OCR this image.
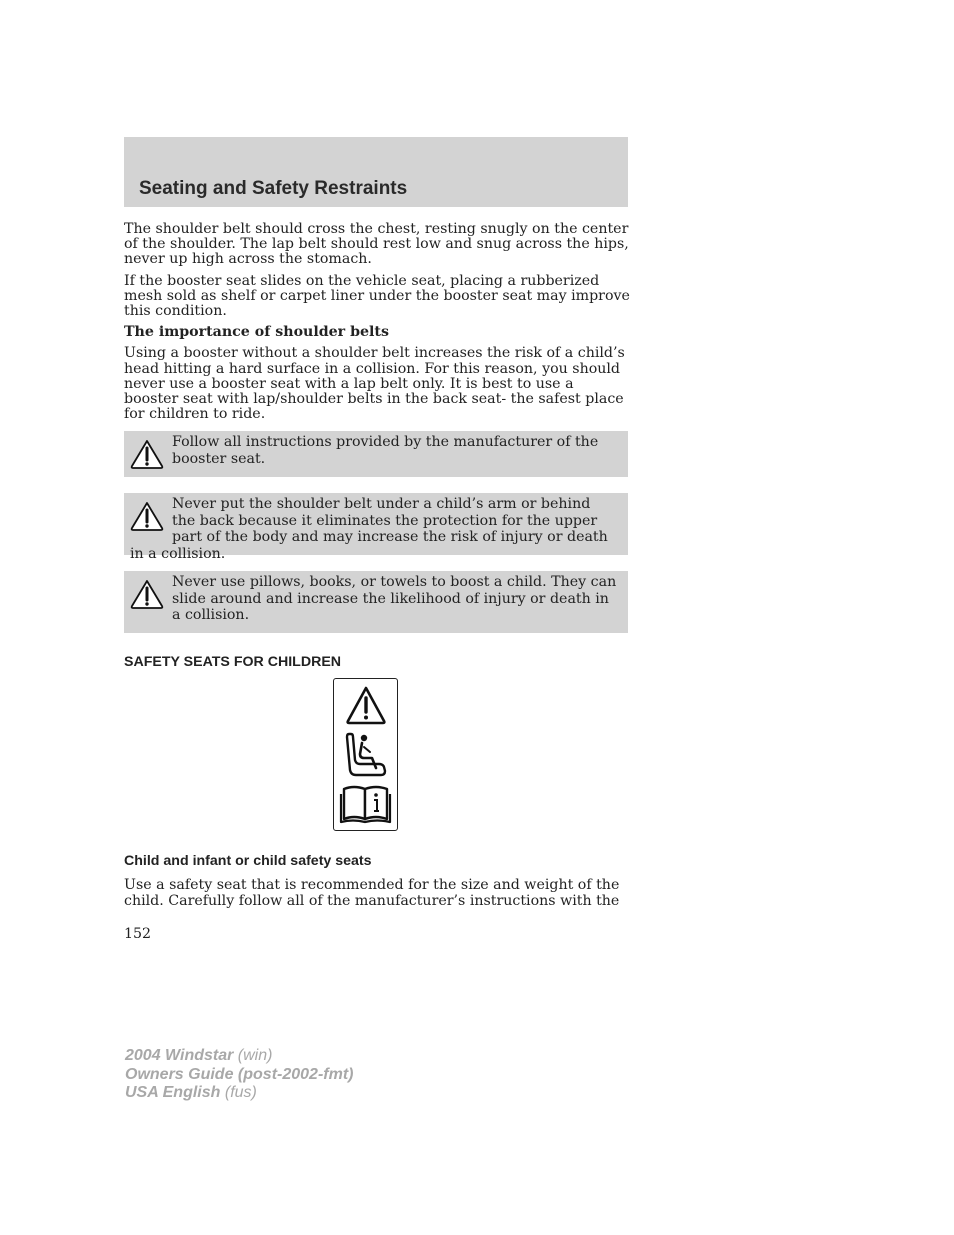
Seating and Safety Restraints

The shoulder belt should cross the chest, resting snugly on the center of the shoulder. The lap belt should rest low and snug across the hips, never up high across the stomach.

If the booster seat slides on the vehicle seat, placing a rubberized mesh sold as shelf or carpet liner under the booster seat may improve this condition.

The importance of shoulder belts

Using a booster without a shoulder belt increases the risk of a child’s head hitting a hard surface in a collision. For this reason, you should never use a booster seat with a lap belt only. It is best to use a booster seat with lap/shoulder belts in the back seat- the safest place for children to ride.

Follow all instructions provided by the manufacturer of the booster seat.
Never put the shoulder belt under a child’s arm or behind the back because it eliminates the protection for the upper part of the body and may increase the risk of injury or death in a collision.
Never use pillows, books, or towels to boost a child. They can slide around and increase the likelihood of injury or death in a collision.
SAFETY SEATS FOR CHILDREN
Child and infant or child safety seats
Use a safety seat that is recommended for the size and weight of the child. Carefully follow all of the manufacturer’s instructions with the
152
2004 Windstar (win)
Owners Guide (post-2002-fmt)
USA English (fus)
